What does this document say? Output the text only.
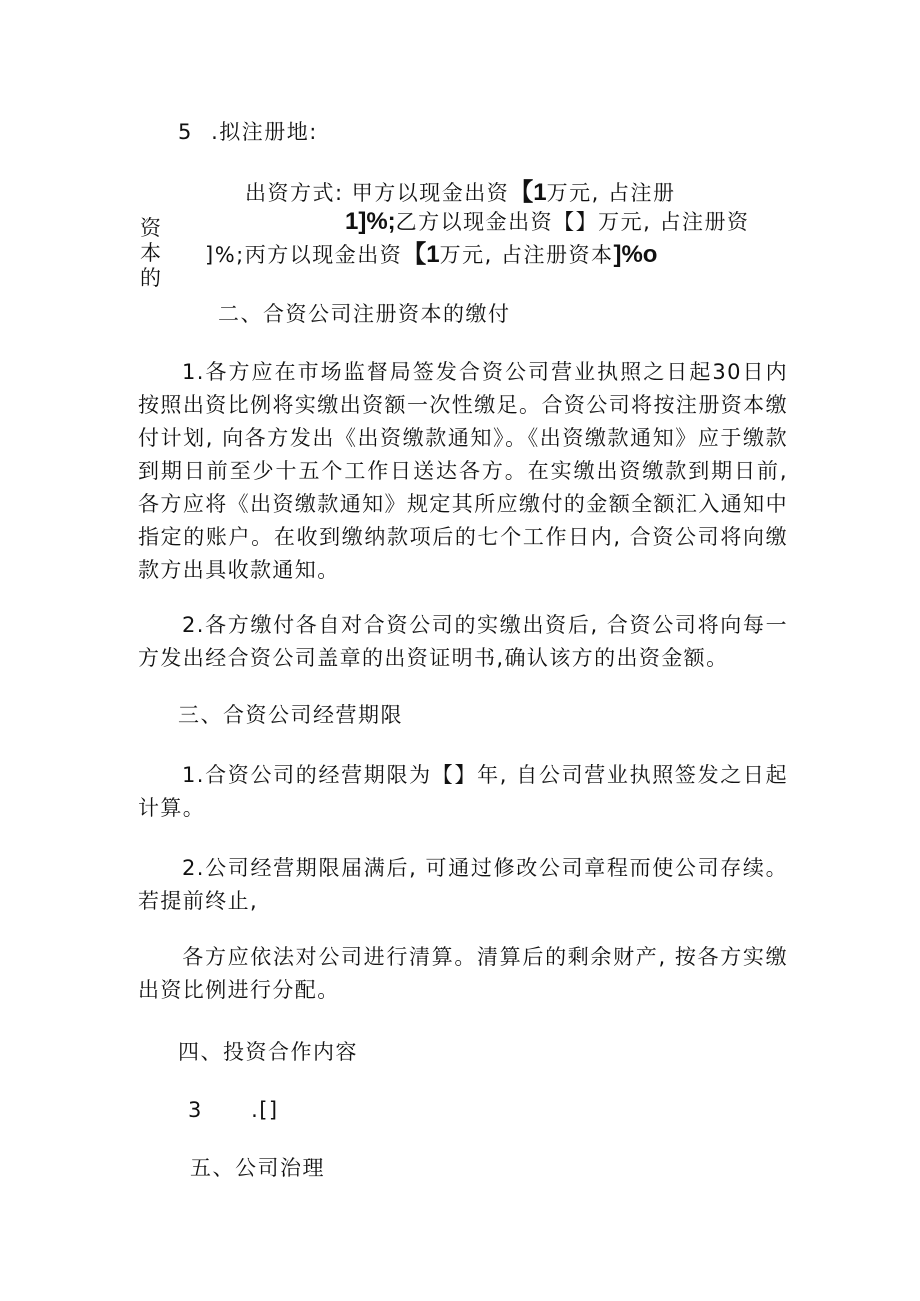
5 .拟注册地:
出资方式: 甲方以现金出资【1万元, 占注册
资
本
的
1]%;乙方以现金出资【】万元, 占注册资
]%;丙方以现金出资【1万元, 占注册资本]%o
二、合资公司注册资本的缴付
1.各方应在市场监督局签发合资公司营业执照之日起30日内按照出资比例将实缴出资额一次性缴足。合资公司将按注册资本缴付计划, 向各方发出《出资缴款通知》。《出资缴款通知》应于缴款到期日前至少十五个工作日送达各方。在实缴出资缴款到期日前, 各方应将《出资缴款通知》规定其所应缴付的金额全额汇入通知中指定的账户。在收到缴纳款项后的七个工作日内, 合资公司将向缴款方出具收款通知。
2.各方缴付各自对合资公司的实缴出资后, 合资公司将向每一方发出经合资公司盖章的出资证明书,确认该方的出资金额。
三、合资公司经营期限
1.合资公司的经营期限为【】年, 自公司营业执照签发之日起计算。
2.公司经营期限届满后, 可通过修改公司章程而使公司存续。若提前终止,
各方应依法对公司进行清算。清算后的剩余财产, 按各方实缴出资比例进行分配。
四、投资合作内容
3 .[]
五、公司治理
